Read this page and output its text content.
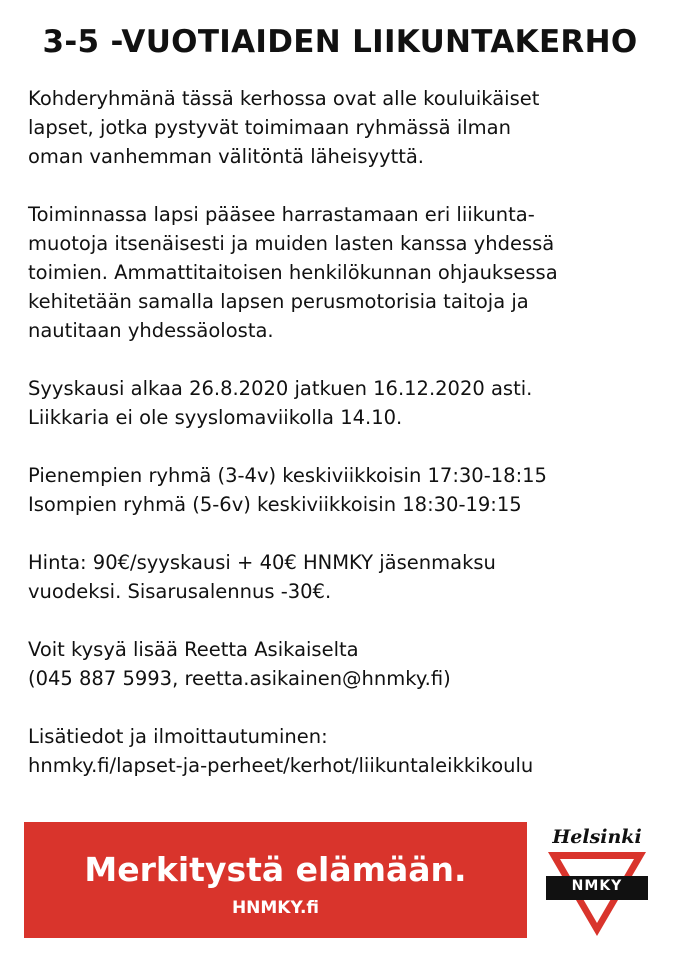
3-5 -VUOTIAIDEN LIIKUNTAKERHO

Kohderyhmänä tässä kerhossa ovat alle kouluikäiset
lapset, jotka pystyvät toimimaan ryhmässä ilman
oman vanhemman välitöntä läheisyyttä.

Toiminnassa lapsi pääsee harrastamaan eri liikunta-
muotoja itsenäisesti ja muiden lasten kanssa yhdessä
toimien. Ammattitaitoisen henkilökunnan ohjauksessa
kehitetään samalla lapsen perusmotorisia taitoja ja
nautitaan yhdessäolosta.

Syyskausi alkaa 26.8.2020 jatkuen 16.12.2020 asti.
Liikkaria ei ole syyslomaviikolla 14.10.

Pienempien ryhmä (3-4v) keskiviikkoisin 17:30-18:15
Isompien ryhmä (5-6v) keskiviikkoisin 18:30-19:15

Hinta: 90€/syyskausi + 40€ HNMKY jäsenmaksu
vuodeksi. Sisarusalennus -30€.

Voit kysyä lisää Reetta Asikaiselta
(045 887 5993, reetta.asikainen@hnmky.fi)

Lisätiedot ja ilmoittautuminen:
hnmky.fi/lapset-ja-perheet/kerhot/liikuntaleikkikoulu

Merkitystä elämään.
HNMKY.fi
Helsinki
NMKY
